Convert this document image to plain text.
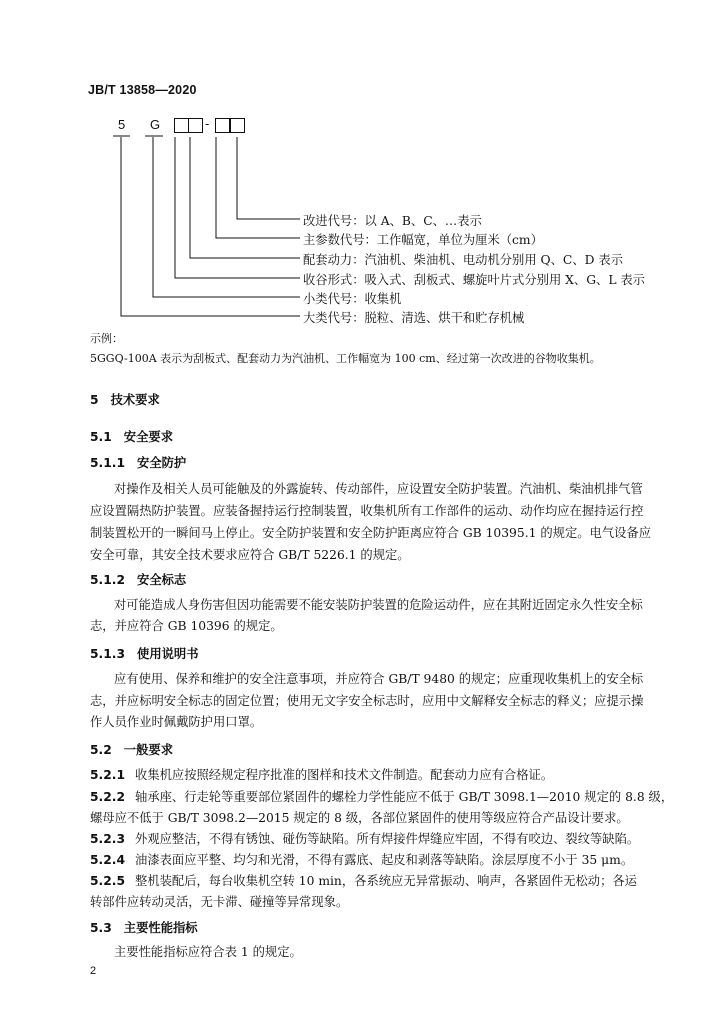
JB/T 13858—2020
5 G	-
改进代号：以 A、B、C、…表示
主参数代号：工作幅宽，单位为厘米（cm）
配套动力：汽油机、柴油机、电动机分别用 Q、C、D 表示
收谷形式：吸入式、刮板式、螺旋叶片式分别用 X、G、L 表示
小类代号：收集机
大类代号：脱粒、清选、烘干和贮存机械
示例：
5GGQ-100A 表示为刮板式、配套动力为汽油机、工作幅宽为 100 cm、经过第一次改进的谷物收集机。
5 技术要求
5.1 安全要求
5.1.1 安全防护
对操作及相关人员可能触及的外露旋转、传动部件，应设置安全防护装置。汽油机、柴油机排气管
应设置隔热防护装置。应装备握持运行控制装置，收集机所有工作部件的运动、动作均应在握持运行控
制装置松开的一瞬间马上停止。安全防护装置和安全防护距离应符合 GB 10395.1 的规定。电气设备应
安全可靠，其安全技术要求应符合 GB/T 5226.1 的规定。
5.1.2 安全标志
对可能造成人身伤害但因功能需要不能安装防护装置的危险运动件，应在其附近固定永久性安全标
志，并应符合 GB 10396 的规定。
5.1.3 使用说明书
应有使用、保养和维护的安全注意事项，并应符合 GB/T 9480 的规定；应重现收集机上的安全标
志，并应标明安全标志的固定位置；使用无文字安全标志时，应用中文解释安全标志的释义；应提示操
作人员作业时佩戴防护用口罩。
5.2 一般要求
5.2.1 收集机应按照经规定程序批准的图样和技术文件制造。配套动力应有合格证。
5.2.2 轴承座、行走轮等重要部位紧固件的螺栓力学性能应不低于 GB/T 3098.1—2010 规定的 8.8 级，
螺母应不低于 GB/T 3098.2—2015 规定的 8 级，各部位紧固件的使用等级应符合产品设计要求。
5.2.3 外观应整洁，不得有锈蚀、碰伤等缺陷。所有焊接件焊缝应牢固，不得有咬边、裂纹等缺陷。
5.2.4 油漆表面应平整、均匀和光滑，不得有露底、起皮和剥落等缺陷。涂层厚度不小于 35 μm。
5.2.5 整机装配后，每台收集机空转 10 min，各系统应无异常振动、响声，各紧固件无松动；各运
转部件应转动灵活，无卡滞、碰撞等异常现象。
5.3 主要性能指标
主要性能指标应符合表 1 的规定。
2
